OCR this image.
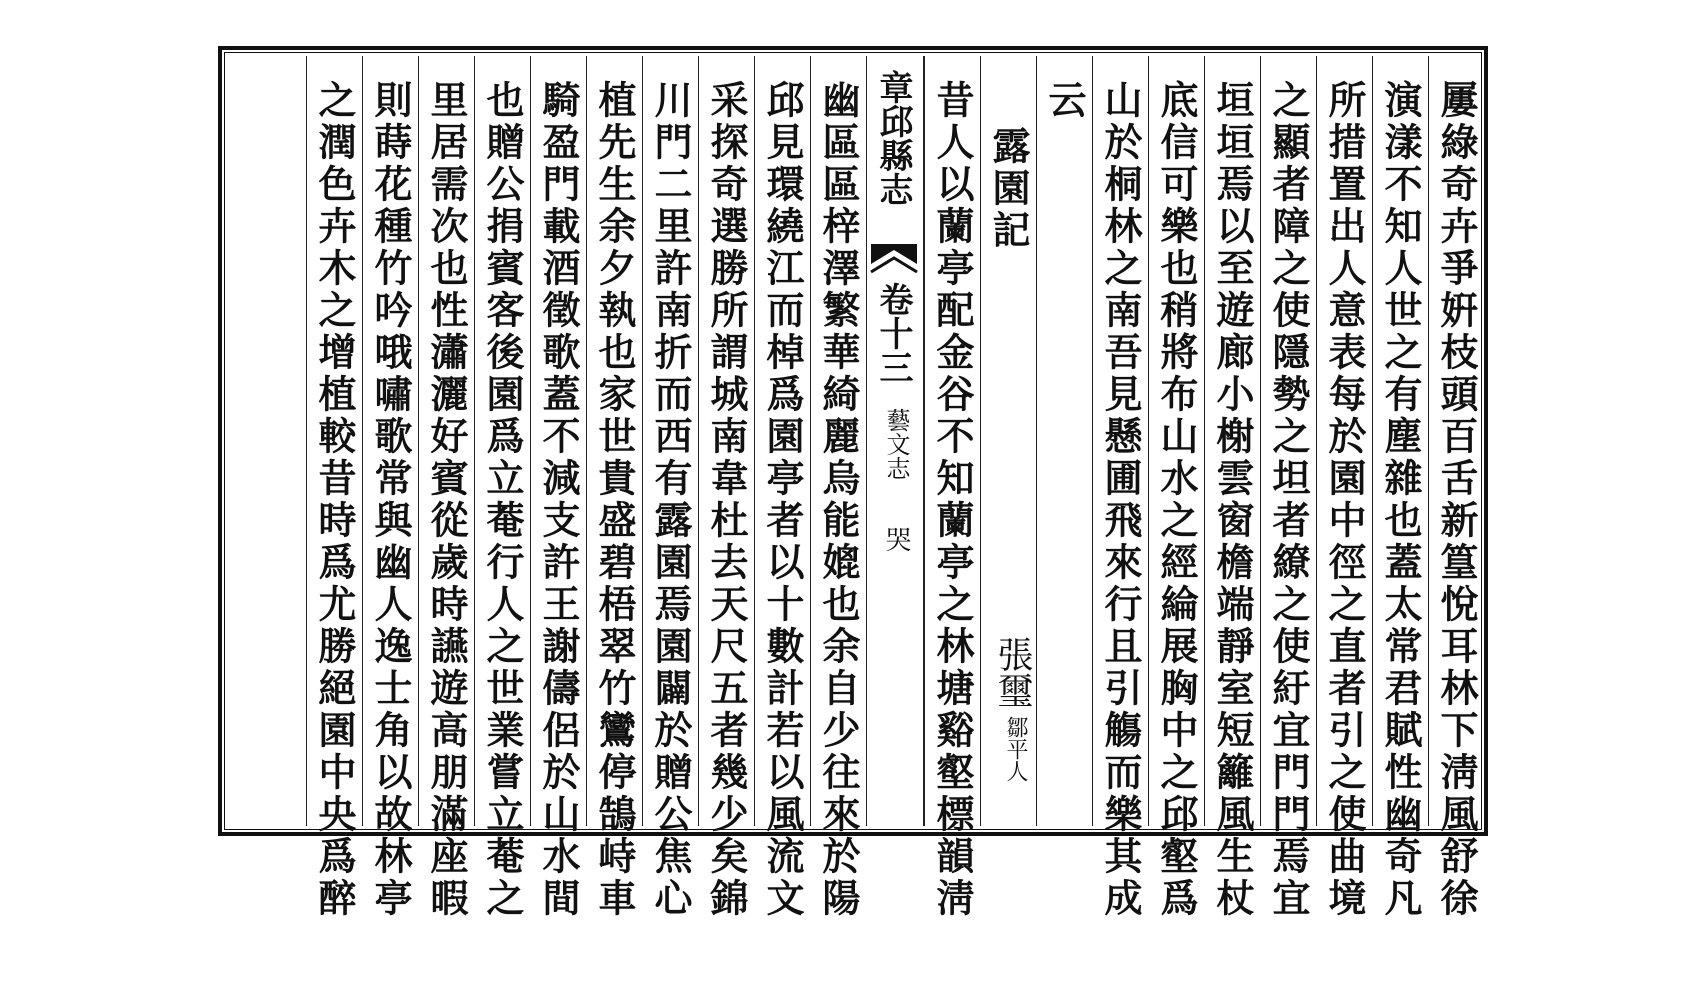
屢綠奇卉爭姸枝頭百舌新篁悅耳林下淸風舒徐
演漾不知人世之有塵雜也蓋太常君賦性幽奇凡
所措置出人意表每於園中徑之直者引之使曲境
之顯者障之使隱勢之坦者繚之使紆宜門門焉宜
垣垣焉以至遊廊小榭雲窗檐端靜室短籬風生杖
底信可樂也稍將布山水之經綸展胸中之邱壑爲
山於桐林之南吾見懸圃飛來行且引觴而樂其成
云
露園記
張璽
鄒平人
昔人以蘭亭配金谷不知蘭亭之林塘谿壑標韻淸
章邱縣志
卷十三
藝文志
哭
幽區區梓澤繁華綺麗烏能媲也余自少往來於陽
邱見環繞江而棹爲園亭者以十數計若以風流文
采探奇選勝所謂城南韋杜去天尺五者幾少矣錦
川門二里許南折而西有露園焉園闢於贈公焦心
植先生余夕執也家世貴盛碧梧翠竹鸞停鵠峙車
騎盈門載酒徵歌蓋不減支許王謝儔侶於山水間
也贈公捐賓客後園爲立菴行人之世業嘗立菴之
里居需次也性瀟灑好賓從歲時讌遊高朋滿座暇
則蒔花種竹吟哦嘯歌常與幽人逸士角以故林亭
之潤色卉木之增植較昔時爲尤勝絕園中央爲醉
